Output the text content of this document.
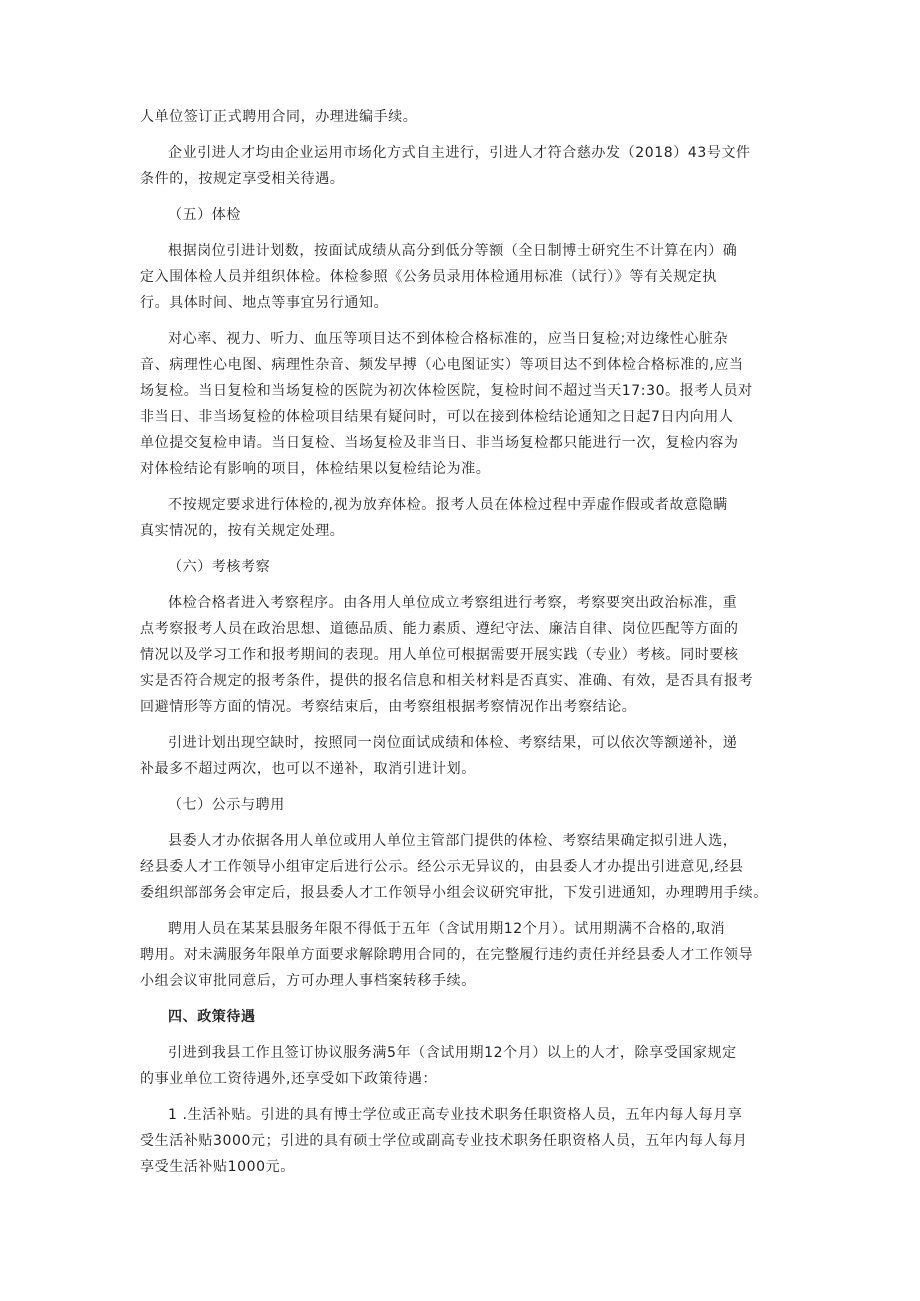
人单位签订正式聘用合同，办理进编手续。
企业引进人才均由企业运用市场化方式自主进行，引进人才符合慈办发（2018）43号文件
条件的，按规定享受相关待遇。
（五）体检
根据岗位引进计划数，按面试成绩从高分到低分等额（全日制博士研究生不计算在内）确
定入围体检人员并组织体检。体检参照《公务员录用体检通用标准（试行）》等有关规定执
行。具体时间、地点等事宜另行通知。
对心率、视力、听力、血压等项目达不到体检合格标准的，应当日复检;对边缘性心脏杂
音、病理性心电图、病理性杂音、频发早搏（心电图证实）等项目达不到体检合格标准的,应当
场复检。当日复检和当场复检的医院为初次体检医院，复检时间不超过当天17:30。报考人员对
非当日、非当场复检的体检项目结果有疑问时，可以在接到体检结论通知之日起7日内向用人
单位提交复检申请。当日复检、当场复检及非当日、非当场复检都只能进行一次，复检内容为
对体检结论有影响的项目，体检结果以复检结论为准。
不按规定要求进行体检的,视为放弃体检。报考人员在体检过程中弄虚作假或者故意隐瞒
真实情况的，按有关规定处理。
（六）考核考察
体检合格者进入考察程序。由各用人单位成立考察组进行考察，考察要突出政治标准，重
点考察报考人员在政治思想、道德品质、能力素质、遵纪守法、廉洁自律、岗位匹配等方面的
情况以及学习工作和报考期间的表现。用人单位可根据需要开展实践（专业）考核。同时要核
实是否符合规定的报考条件，提供的报名信息和相关材料是否真实、准确、有效，是否具有报考
回避情形等方面的情况。考察结束后，由考察组根据考察情况作出考察结论。
引进计划出现空缺时，按照同一岗位面试成绩和体检、考察结果，可以依次等额递补，递
补最多不超过两次，也可以不递补，取消引进计划。
（七）公示与聘用
县委人才办依据各用人单位或用人单位主管部门提供的体检、考察结果确定拟引进人选，
经县委人才工作领导小组审定后进行公示。经公示无异议的，由县委人才办提出引进意见,经县
委组织部部务会审定后，报县委人才工作领导小组会议研究审批，下发引进通知，办理聘用手续。
聘用人员在某某县服务年限不得低于五年（含试用期12个月）。试用期满不合格的,取消
聘用。对未满服务年限单方面要求解除聘用合同的，在完整履行违约责任并经县委人才工作领导
小组会议审批同意后，方可办理人事档案转移手续。
四、政策待遇
引进到我县工作且签订协议服务满5年（含试用期12个月）以上的人才，除享受国家规定
的事业单位工资待遇外,还享受如下政策待遇：
1 .生活补贴。引进的具有博士学位或正高专业技术职务任职资格人员，五年内每人每月享
受生活补贴3000元；引进的具有硕士学位或副高专业技术职务任职资格人员，五年内每人每月
享受生活补贴1000元。
